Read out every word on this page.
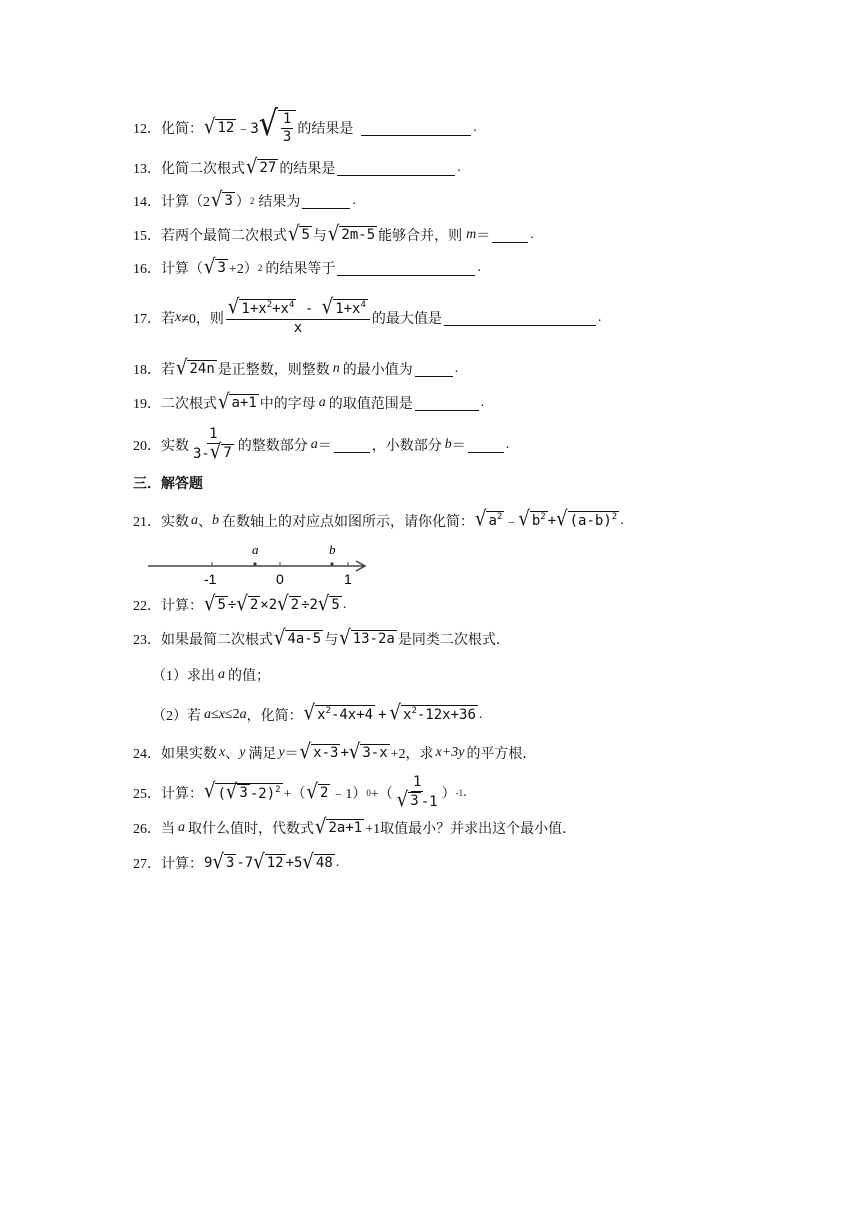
12． 化简： √ 12 ﹣3 √ $\frac{1}{3}$ 的结果是	.
13． 化简二次根式 √ 27 的结果是	.
14． 计算（2 √ 3 ） 2 结果为	.
15． 若两个最简二次根式 √ 5 与 √ 2m-5 能够合并，则 m ＝	.
16． 计算（ √ 3 +2） 2 的结果等于	.
17． 若 x ≠0，则 $\frac{√ 1+x^2+x^4 - √ 1+x^4}{x}$ 的最大值是	.
18． 若 √ 24n 是正整数，则整数 n 的最小值为	.
19． 二次根式 √ a+1 中的字母 a 的取值范围是	.
20． 实数 $\frac{1}{3- √ 7}$ 的整数部分 a ＝	，小数部分 b ＝	.
三．解答题
21． 实数 a 、 b 在数轴上的对应点如图所示，请你化简： √ $a^2$ ﹣ √ $b^2$ + √ $(a-b)^2$ .
a	b
-1	0	1
22． 计算： √ 5 ÷ √ 2 ×2 √ 2 ÷2 √ 5 .
23． 如果最简二次根式 √ 4a-5 与 √ 13-2a 是同类二次根式．
（1）求出 a 的值；
（2）若 a ≤ x ≤2 a ，化简： √ $x^2-4x+4$ + √ $x^2-12x+36$ .
24． 如果实数 x 、 y 满足 y ＝ √ x-3 + √ 3-x +2，求 x+3y 的平方根．
25． 计算： √ ( √ 3 -2)$^2$ +（ √ 2 ﹣1） 0 +（ $\frac{1}{√ 3 -1}$ ） -1 .
26． 当 a 取什么值时，代数式 √ 2a+1 +1取值最小？并求出这个最小值．
27． 计算： 9 √ 3 -7 √ 12 +5 √ 48 .
